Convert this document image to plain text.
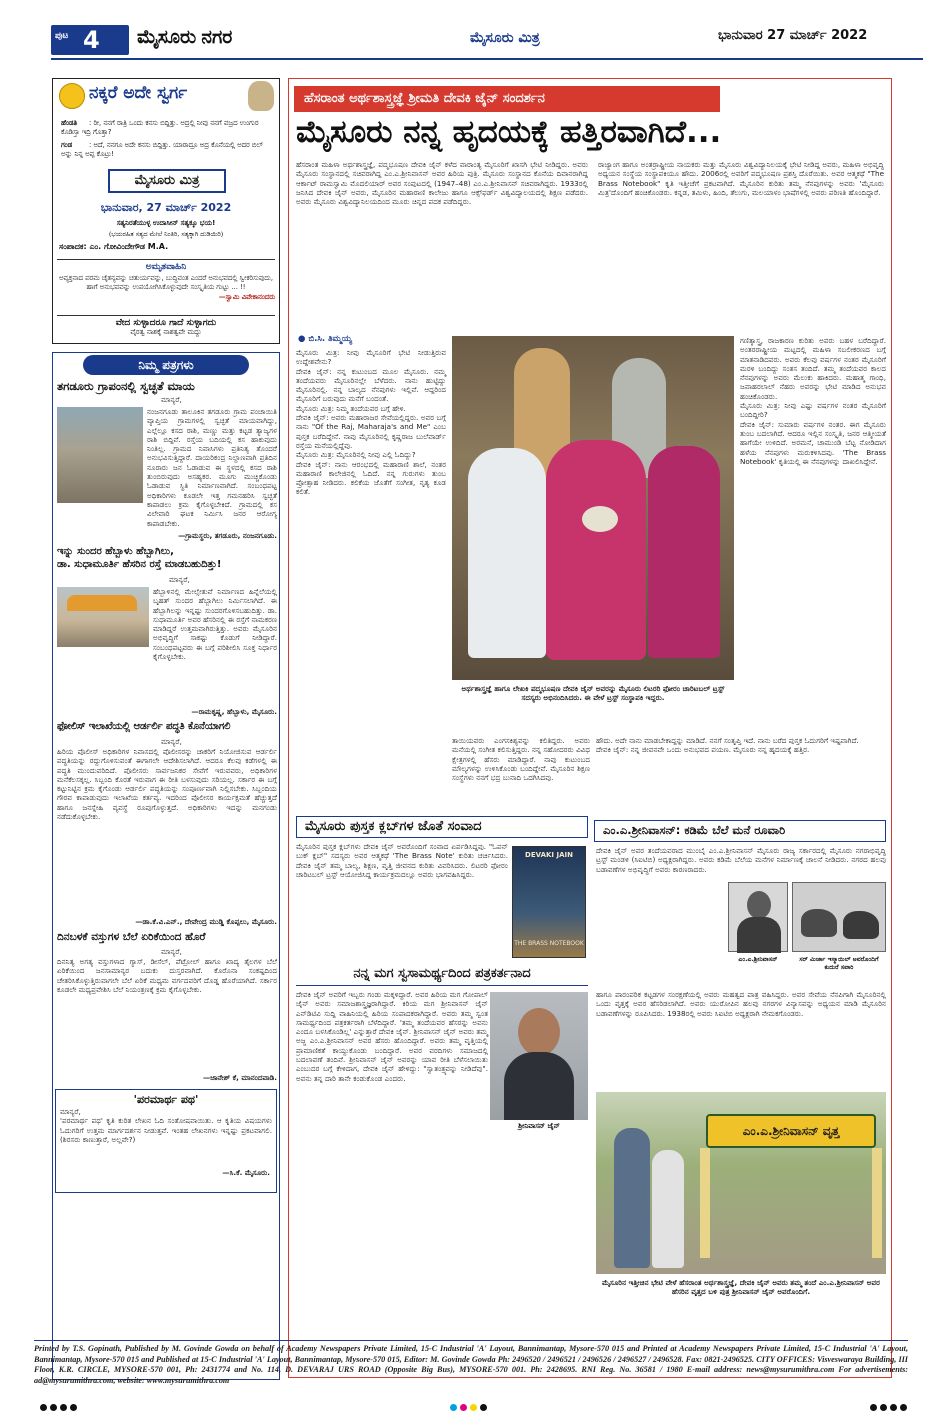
ಪುಟ 4 ಮೈಸೂರು ನಗರ	ಮೈಸೂರು ಮಿತ್ರ	ಭಾನುವಾರ 27 ಮಾರ್ಚ್ 2022
ನಕ್ಕರೆ ಅದೇ ಸ್ವರ್ಗ
ಹೆಂಡತಿ : ರೀ, ನನಗೆ ರಾತ್ರಿ ಒಂದು ಕನಸು ಬಿದ್ದಿತ್ತು. ಅದ್ರಲ್ಲಿ ನೀವು ನನಗೆ ವಜ್ರದ ಉಂಗುರ ಕೊಡಿಸ್ತಾ ಇದ್ರಿ ಗೊತ್ತಾ?
ಗಂಡ : ಅದೆ, ನನಗೂ ಅದೇ ಕನಸು ಬಿದ್ದಿತ್ತು. ಯಾರಾದ್ರೂ ಅದ್ರ ಕೊನೆಯಲ್ಲಿ ಅದರ ಬಿಲ್ ಅನ್ನು ನಿನ್ನ ಅಪ್ಪ ಕೊಟ್ರು!
ಮೈಸೂರು ಮಿತ್ರ
ಭಾನುವಾರ, 27 ಮಾರ್ಚ್ 2022
ಸತ್ಯನಿರತೆಯುಳ್ಳ ಉದಾಸೀನ್ ಸತ್ಯಕ್ಕೂ ಭಯ!
(ಭಯರಹಿತ ಸತ್ಯದ ಮೇಲೆ ನಿಂತಿರಿ, ಸತ್ಯಕ್ಕಾಗಿ ದುಡಿಯಿರಿ)
ಸಂಪಾದಕ: ಎಂ. ಗೋವಿಂದೇಗೌಡ M.A.
ಅಮೃತವಾಹಿನಿ
ಅವ್ಯಕ್ತನಾದ ಪರಮ ಚೈತನ್ಯವನ್ನು ಚತುರ್ಯವನ್ನು, ಬುದ್ಧಿವಂತ ಎಂದರೆ ಅನುಭವದಲ್ಲಿ ಸ್ವೀಕರಿಸುವುದು, ಹಾಗೆ ಅನುಭವವನ್ನು ಉಪಯೋಗಿಸಿಕೊಳ್ಳುವುದೇ ಸಂಸ್ಕೃತಿಯ ಗುಟ್ಟು ... !!
—ಸ್ವಾಮಿ ವಿವೇಕಾನಂದರು
ವೇದ ಸುಳ್ಳಾದರೂ ಗಾದೆ ಸುಳ್ಳಾಗದು
ವೈರತ್ವ ನಾಶಕ್ಕೆ ನಾಶತ್ವವೇ ಮದ್ದು
ನಿಮ್ಮ ಪತ್ರಗಳು
ತಗಡೂರು ಗ್ರಾಪಂನಲ್ಲಿ ಸ್ವಚ್ಛತೆ ಮಾಯ
ಮಾನ್ಯರೆ,
ನಂಜನಗೂಡು ತಾಲೂಕಿನ ತಗಡೂರು ಗ್ರಾಮ ಪಂಚಾಯಿತಿ ವ್ಯಾಪ್ತಿಯ ಗ್ರಾಮಗಳಲ್ಲಿ ಸ್ವಚ್ಛತೆ ಮಾಯವಾಗಿದ್ದು, ಎಲ್ಲೆಲ್ಲೂ ಕಸದ ರಾಶಿ, ಮಣ್ಣು ಮತ್ತು ಕಟ್ಟಡ ತ್ಯಾಜ್ಯಗಳ ರಾಶಿ ಬಿದ್ದಿವೆ. ರಸ್ತೆಯ ಬದಿಯಲ್ಲಿ ಕಸ ಹಾಕುವುದು ನಿಂತಿಲ್ಲ. ಗ್ರಾಮದ ನಿವಾಸಿಗಳು ಪ್ರತಿನಿತ್ಯ ತೊಂದರೆ ಅನುಭವಿಸುತ್ತಿದ್ದಾರೆ. ದಾಯರಿಕಂದ್ರ ನಿಲ್ದಾಣವಾಗಿ ಪ್ರತಿದಿನ ನೂರಾರು ಜನ ಓಡಾಡುವ ಈ ಸ್ಥಳದಲ್ಲಿ ಕಸದ ರಾಶಿ ತುಂಬಿರುವುದು ಅಸಹ್ಯಕರ. ಮೂಗು ಮುಚ್ಚಿಕೊಂಡು ಓಡಾಡುವ ಸ್ಥಿತಿ ನಿರ್ಮಾಣವಾಗಿದೆ. ಸಂಬಂಧಪಟ್ಟ ಅಧಿಕಾರಿಗಳು ಕೂಡಲೇ ಇತ್ತ ಗಮನಹರಿಸಿ ಸ್ವಚ್ಛತೆ ಕಾಪಾಡಲು ಕ್ರಮ ಕೈಗೊಳ್ಳಬೇಕಿದೆ. ಗ್ರಾಮದಲ್ಲಿ ಕಸ ವಿಲೇವಾರಿ ಘಟಕ ನಿರ್ಮಿಸಿ ಜನರ ಆರೋಗ್ಯ ಕಾಪಾಡಬೇಕು.
—ಗ್ರಾಮಸ್ಥರು, ತಗಡೂರು, ನಂಜನಗೂಡು.
ಇನ್ನು ಸುಂದರ ಹೆಬ್ಬಾಳು ಹೆಬ್ಬಾಗಿಲು,
ಡಾ. ಸುಧಾಮೂರ್ತಿ ಹೆಸರಿನ ರಸ್ತೆ ಮಾಡಬಹುದಿತ್ತು!
ಮಾನ್ಯರೆ,
ಹೆಬ್ಬಾಳಿನಲ್ಲಿ ಮೇಲ್ಸೇತುವೆ ನಿರ್ಮಾಣದ ಹಿನ್ನೆಲೆಯಲ್ಲಿ ಬೃಹತ್ ಸುಂದರ ಹೆಬ್ಬಾಗಿಲು ನಿರ್ಮಿಸಲಾಗಿದೆ. ಈ ಹೆಬ್ಬಾಗಿಲನ್ನು ಇನ್ನಷ್ಟು ಸುಂದರಗೊಳಿಸಬಹುದಿತ್ತು. ಡಾ. ಸುಧಾಮೂರ್ತಿ ಅವರ ಹೆಸರಿನಲ್ಲಿ ಈ ರಸ್ತೆಗೆ ನಾಮಕರಣ ಮಾಡಿದ್ದರೆ ಉತ್ತಮವಾಗಿರುತ್ತಿತ್ತು. ಅವರು ಮೈಸೂರಿನ ಅಭಿವೃದ್ಧಿಗೆ ಸಾಕಷ್ಟು ಕೊಡುಗೆ ನೀಡಿದ್ದಾರೆ. ಸಂಬಂಧಪಟ್ಟವರು ಈ ಬಗ್ಗೆ ಪರಿಶೀಲಿಸಿ ಸೂಕ್ತ ನಿರ್ಧಾರ ಕೈಗೊಳ್ಳಬೇಕು.
—ರಾಮಕೃಷ್ಣ, ಹೆಬ್ಬಾಳು, ಮೈಸೂರು.
ಫೋಲಿಸ್ ಇಲಾಖೆಯಲ್ಲಿ ಆರ್ಡರ್ಲಿ ಪದ್ಧತಿ ಕೊನೆಯಾಗಲಿ
ಮಾನ್ಯರೆ,
ಹಿರಿಯ ಪೊಲೀಸ್ ಅಧಿಕಾರಿಗಳ ನಿವಾಸದಲ್ಲಿ ಪೊಲೀಸರನ್ನು ಚಾಕರಿಗೆ ನಿಯೋಜಿಸುವ ಆರ್ಡರ್ಲಿ ಪದ್ಧತಿಯನ್ನು ರದ್ದುಗೊಳಿಸುವಂತೆ ಈಗಾಗಲೇ ಆದೇಶಿಸಲಾಗಿದೆ. ಆದರೂ ಕೆಲವು ಕಡೆಗಳಲ್ಲಿ ಈ ಪದ್ಧತಿ ಮುಂದುವರಿದಿದೆ. ಪೊಲೀಸರು ಸಾರ್ವಜನಿಕರ ಸೇವೆಗೆ ಇರುವವರು, ಅಧಿಕಾರಿಗಳ ಮನೆಕೆಲಸಕ್ಕಲ್ಲ. ಸಿಬ್ಬಂದಿ ಕೊರತೆ ಇರುವಾಗ ಈ ರೀತಿ ಬಳಸುವುದು ಸರಿಯಲ್ಲ. ಸರ್ಕಾರ ಈ ಬಗ್ಗೆ ಕಟ್ಟುನಿಟ್ಟಿನ ಕ್ರಮ ಕೈಗೊಂಡು ಆರ್ಡರ್ಲಿ ಪದ್ಧತಿಯನ್ನು ಸಂಪೂರ್ಣವಾಗಿ ನಿಲ್ಲಿಸಬೇಕು. ಸಿಬ್ಬಂದಿಯ ಗೌರವ ಕಾಪಾಡುವುದು ಇಲಾಖೆಯ ಕರ್ತವ್ಯ. ಇದರಿಂದ ಪೊಲೀಸರ ಕಾರ್ಯಕ್ಷಮತೆ ಹೆಚ್ಚುತ್ತದೆ ಹಾಗೂ ಜನಸ್ನೇಹಿ ವ್ಯವಸ್ಥೆ ರೂಪುಗೊಳ್ಳುತ್ತದೆ. ಅಧಿಕಾರಿಗಳು ಇದನ್ನು ಮನಗಂಡು ನಡೆದುಕೊಳ್ಳಬೇಕು.
—ಡಾ.ಕೆ.ವಿ.ಎನ್., ದೇವೇಂದ್ರ ಮುಡ್ಡಿ ಕೊಪ್ಪಲು, ಮೈಸೂರು.
ದಿನಬಳಕೆ ವಸ್ತುಗಳ ಬೆಲೆ ಏರಿಕೆಯಿಂದ ಹೊರೆ
ಮಾನ್ಯರೆ,
ದಿನನಿತ್ಯ ಅಗತ್ಯ ವಸ್ತುಗಳಾದ ಗ್ಯಾಸ್, ಡೀಸೆಲ್, ಪೆಟ್ರೋಲ್ ಹಾಗೂ ಖಾದ್ಯ ತೈಲಗಳ ಬೆಲೆ ಏರಿಕೆಯಿಂದ ಜನಸಾಮಾನ್ಯರ ಬದುಕು ದುಸ್ತರವಾಗಿದೆ. ಕೊರೊನಾ ಸಂಕಷ್ಟದಿಂದ ಚೇತರಿಸಿಕೊಳ್ಳುತ್ತಿರುವಾಗಲೇ ಬೆಲೆ ಏರಿಕೆ ಮಧ್ಯಮ ವರ್ಗದವರಿಗೆ ದೊಡ್ಡ ಹೊರೆಯಾಗಿದೆ. ಸರ್ಕಾರ ಕೂಡಲೇ ಮಧ್ಯಪ್ರವೇಶಿಸಿ ಬೆಲೆ ನಿಯಂತ್ರಣಕ್ಕೆ ಕ್ರಮ ಕೈಗೊಳ್ಳಬೇಕು.
—ಜಾನೇಶ್ ಕೆ, ಮಾನಂದವಾಡಿ.
'ಪರಮಾರ್ಥ ಪಥ'
ಮಾನ್ಯರೆ,
'ಪರಮಾರ್ಥ ಪಥ' ಕೃತಿ ಕುರಿತ ಲೇಖನ ಓದಿ ಸಂತೋಷವಾಯಿತು. ಆ ಕೃತಿಯ ವಿಷಯಗಳು ಓದುಗರಿಗೆ ಉತ್ತಮ ಮಾರ್ಗದರ್ಶನ ನೀಡುತ್ತವೆ. ಇಂತಹ ಲೇಖನಗಳು ಇನ್ನಷ್ಟು ಪ್ರಕಟವಾಗಲಿ. (ಶಿರಸರು ಕಾಣುತ್ತಾರೆ, ಅಲ್ಲವೇ?)
—ಸಿ.ಕೆ. ಮೈಸೂರು.
ಹೆಸರಾಂತ ಅರ್ಥಶಾಸ್ತ್ರಜ್ಞೆ ಶ್ರೀಮತಿ ದೇವಕಿ ಜೈನ್ ಸಂದರ್ಶನ
ಮೈಸೂರು ನನ್ನ ಹೃದಯಕ್ಕೆ ಹತ್ತಿರವಾಗಿದೆ...
ಹೆಸರಾಂತ ಮಹಿಳಾ ಅರ್ಥಶಾಸ್ತ್ರಜ್ಞೆ, ಪದ್ಮಭೂಷಣ ದೇವಕಿ ಜೈನ್ ಕಳೆದ ವಾರಾಂತ್ಯ ಮೈಸೂರಿಗೆ ಖಾಸಗಿ ಭೇಟಿ ನೀಡಿದ್ದರು. ಅವರು ಮೈಸೂರು ಸಂಸ್ಥಾನದಲ್ಲಿ ಸಚಿವರಾಗಿದ್ದ ಎಂ.ಎ.ಶ್ರೀನಿವಾಸನ್ ಅವರ ಹಿರಿಯ ಪುತ್ರಿ. ಮೈಸೂರು ಸಂಸ್ಥಾನದ ಕೊನೆಯ ದಿವಾನರಾಗಿದ್ದ ಆರ್ಕಾಟ್ ರಾಮಸ್ವಾಮಿ ಮೊದಲಿಯಾರ್ ಅವರ ಸಂಪುಟದಲ್ಲಿ (1947–48) ಎಂ.ಎ.ಶ್ರೀನಿವಾಸನ್ ಸಚಿವರಾಗಿದ್ದರು. 1933ರಲ್ಲಿ ಜನಿಸಿದ ದೇವಕಿ ಜೈನ್ ಅವರು, ಮೈಸೂರಿನ ಮಹಾರಾಣಿ ಕಾಲೇಜು ಹಾಗೂ ಆಕ್ಸ್‌ಫರ್ಡ್ ವಿಶ್ವವಿದ್ಯಾಲಯದಲ್ಲಿ ಶಿಕ್ಷಣ ಪಡೆದರು. ಅವರು ಮೈಸೂರು ವಿಶ್ವವಿದ್ಯಾನಿಲಯದಿಂದ ಮೂರು ಚಿನ್ನದ ಪದಕ ಪಡೆದಿದ್ದರು.
ರಾಜ್ಯಾಂಗ ಹಾಗೂ ಅಂತರ್ರಾಷ್ಟ್ರೀಯ ನಾಯಕರು ಮತ್ತು ಮೈಸೂರು ವಿಶ್ವವಿದ್ಯಾನಿಲಯಕ್ಕೆ ಭೇಟಿ ನೀಡಿದ್ದ ಅವರು, ಮಹಿಳಾ ಅಭಿವೃದ್ಧಿ ಅಧ್ಯಯನ ಸಂಸ್ಥೆಯ ಸಂಸ್ಥಾಪಕಿಯೂ ಹೌದು. 2006ರಲ್ಲಿ ಅವರಿಗೆ ಪದ್ಮಭೂಷಣ ಪ್ರಶಸ್ತಿ ದೊರೆಯಿತು. ಅವರ ಆತ್ಮಕಥೆ "The Brass Notebook" ಕೃತಿ ಇತ್ತೀಚೆಗೆ ಪ್ರಕಟವಾಗಿದೆ. ಮೈಸೂರಿನ ಕುರಿತು ತಮ್ಮ ನೆನಪುಗಳನ್ನು ಅವರು 'ಮೈಸೂರು ಮಿತ್ರ'ದೊಂದಿಗೆ ಹಂಚಿಕೊಂಡರು. ಕನ್ನಡ, ತಮಿಳು, ಹಿಂದಿ, ತೆಲುಗು, ಮಲಯಾಳಂ ಭಾಷೆಗಳಲ್ಲಿ ಅವರು ಪರಿಣತಿ ಹೊಂದಿದ್ದಾರೆ.
● ಬಿ.ಸಿ. ತಿಮ್ಮಯ್ಯ
ಮೈಸೂರು ಮಿತ್ರ: ನೀವು ಮೈಸೂರಿಗೆ ಭೇಟಿ ನೀಡುತ್ತಿರುವ ಉದ್ದೇಶವೇನು?
ದೇವಕಿ ಜೈನ್: ನನ್ನ ಕುಟುಂಬದ ಮೂಲ ಮೈಸೂರು. ನಮ್ಮ ತಂದೆಯವರು ಮೈಸೂರಿನಲ್ಲೇ ಬೆಳೆದರು. ನಾನು ಹುಟ್ಟಿದ್ದು ಮೈಸೂರಿನಲ್ಲಿ. ನನ್ನ ಬಾಲ್ಯದ ನೆನಪುಗಳು ಇಲ್ಲಿವೆ. ಆದ್ದರಿಂದ ಮೈಸೂರಿಗೆ ಬರುವುದು ಮನೆಗೆ ಬಂದಂತೆ.
ಮೈಸೂರು ಮಿತ್ರ: ನಿಮ್ಮ ತಂದೆಯವರ ಬಗ್ಗೆ ಹೇಳಿ.
ದೇವಕಿ ಜೈನ್: ಅವರು ಮಹಾರಾಜರ ಸೇವೆಯಲ್ಲಿದ್ದರು. ಅವರ ಬಗ್ಗೆ ನಾನು "Of the Raj, Maharaja's and Me" ಎಂಬ ಪುಸ್ತಕ ಬರೆದಿದ್ದೇನೆ. ನಾವು ಮೈಸೂರಿನಲ್ಲಿ ಕೃಷ್ಣರಾಜ ಬುಲೆವಾರ್ಡ್ ರಸ್ತೆಯ ಮನೆಯಲ್ಲಿದ್ದೆವು.
ಮೈಸೂರು ಮಿತ್ರ: ಮೈಸೂರಿನಲ್ಲಿ ನೀವು ಎಲ್ಲಿ ಓದಿದ್ದು?
ದೇವಕಿ ಜೈನ್: ನಾನು ಆರಂಭದಲ್ಲಿ ಮಹಾರಾಣಿ ಶಾಲೆ, ನಂತರ ಮಹಾರಾಣಿ ಕಾಲೇಜಿನಲ್ಲಿ ಓದಿದೆ. ನನ್ನ ಗುರುಗಳು ತುಂಬ ಪ್ರೋತ್ಸಾಹ ನೀಡಿದರು. ಕಲಿಕೆಯ ಜೊತೆಗೆ ಸಂಗೀತ, ನೃತ್ಯ ಕೂಡ ಕಲಿತೆ.
ಅರ್ಥಶಾಸ್ತ್ರಜ್ಞೆ ಹಾಗೂ ಲೇಖಕಿ ಪದ್ಮಭೂಷಣ ದೇವಕಿ ಜೈನ್ ಅವರನ್ನು ಮೈಸೂರು ಲಿಟರರಿ ಫೋರಂ ಚಾರಿಟಬಲ್ ಟ್ರಸ್ಟ್ ಸದಸ್ಯರು ಅಭಿನಂದಿಸಿದರು. ಈ ವೇಳೆ ಟ್ರಸ್ಟ್ ಸಂಸ್ಥಾಪಕಿ ಇದ್ದರು.
ಗಣಿತ್ಶಾಸ್ತ್ರ, ರಾಜಕಾರಣ ಕುರಿತು ಅವರು ಬಹಳ ಬರೆದಿದ್ದಾರೆ. ಅಂತರರಾಷ್ಟ್ರೀಯ ಮಟ್ಟದಲ್ಲಿ ಮಹಿಳಾ ಸಬಲೀಕರಣದ ಬಗ್ಗೆ ಮಾತನಾಡಿದವರು. ಅವರು ಕೆಲವು ವರ್ಷಗಳ ನಂತರ ಮೈಸೂರಿಗೆ ಮರಳಿ ಬಂದಿದ್ದು ಸಂತಸ ತಂದಿದೆ. ತಮ್ಮ ತಂದೆಯವರ ಕಾಲದ ನೆನಪುಗಳನ್ನು ಅವರು ಮೆಲುಕು ಹಾಕಿದರು. ಮಹಾತ್ಮ ಗಾಂಧಿ, ಜವಾಹರಲಾಲ್ ನೆಹರು ಅವರನ್ನು ಭೇಟಿ ಮಾಡಿದ ಅನುಭವ ಹಂಚಿಕೊಂಡರು.
ಮೈಸೂರು ಮಿತ್ರ: ನೀವು ಎಷ್ಟು ವರ್ಷಗಳ ನಂತರ ಮೈಸೂರಿಗೆ ಬಂದಿದ್ದೀರಿ?
ದೇವಕಿ ಜೈನ್: ಸುಮಾರು ವರ್ಷಗಳ ನಂತರ. ಈಗ ಮೈಸೂರು ತುಂಬ ಬದಲಾಗಿದೆ. ಆದರೂ ಇಲ್ಲಿನ ಸಂಸ್ಕೃತಿ, ಜನರ ಆತ್ಮೀಯತೆ ಹಾಗೆಯೇ ಉಳಿದಿದೆ. ಅರಮನೆ, ಚಾಮುಂಡಿ ಬೆಟ್ಟ ನೋಡಿದಾಗ ಹಳೆಯ ನೆನಪುಗಳು ಮರುಕಳಿಸಿದವು. 'The Brass Notebook' ಕೃತಿಯಲ್ಲಿ ಈ ನೆನಪುಗಳನ್ನು ದಾಖಲಿಸಿದ್ದೇನೆ.
ತಾಯಿಯವರು ಎಂಗಸಕಿಶ್ಯವನ್ನು ಕಲಿತಿದ್ದರು. ಅವರು ಮನೆಯಲ್ಲಿ ಸಂಗೀತ ಕಲಿಸುತ್ತಿದ್ದರು. ನನ್ನ ಸಹೋದರರು ವಿವಿಧ ಕ್ಷೇತ್ರಗಳಲ್ಲಿ ಹೆಸರು ಮಾಡಿದ್ದಾರೆ. ನಾವು ಕುಟುಂಬದ ಮೌಲ್ಯಗಳನ್ನು ಉಳಿಸಿಕೊಂಡು ಬಂದಿದ್ದೇವೆ. ಮೈಸೂರಿನ ಶಿಕ್ಷಣ ಸಂಸ್ಥೆಗಳು ನನಗೆ ಭದ್ರ ಬುನಾದಿ ಒದಗಿಸಿದವು.
ಹೌದು. ಅದೇ ನಾನು ಮಾಡಬೇಕಾದ್ದನ್ನು ಮಾಡಿದೆ. ನನಗೆ ಸಂತೃಪ್ತಿ ಇದೆ. ನಾನು ಬರೆದ ಪುಸ್ತಕ ಓದುಗರಿಗೆ ಇಷ್ಟವಾಗಿದೆ.
ದೇವಕಿ ಜೈನ್: ನನ್ನ ಜೀವನವೇ ಒಂದು ಅನುಭವದ ಪಯಣ. ಮೈಸೂರು ನನ್ನ ಹೃದಯಕ್ಕೆ ಹತ್ತಿರ.
ಮೈಸೂರು ಪುಸ್ತಕ ಕ್ಲಬ್‌ಗಳ ಜೊತೆ ಸಂವಾದ
ಮೈಸೂರಿನ ಪುಸ್ತಕ ಕ್ಲಬ್‌ಗಳು ದೇವಕಿ ಜೈನ್ ಅವರೊಂದಿಗೆ ಸಂವಾದ ಏರ್ಪಡಿಸಿದ್ದವು. "ಓಪನ್ ಬುಕ್ ಕ್ಲಬ್" ಸದಸ್ಯರು ಅವರ ಆತ್ಮಕಥೆ 'The Brass Note' ಕುರಿತು ಚರ್ಚಿಸಿದರು. ದೇವಕಿ ಜೈನ್ ತಮ್ಮ ಬಾಲ್ಯ, ಶಿಕ್ಷಣ, ವೃತ್ತಿ ಜೀವನದ ಕುರಿತು ವಿವರಿಸಿದರು. ಲಿಟರರಿ ಫೋರಂ ಚಾರಿಟಬಲ್ ಟ್ರಸ್ಟ್ ಆಯೋಜಿಸಿದ್ದ ಕಾರ್ಯಕ್ರಮದಲ್ಲೂ ಅವರು ಭಾಗವಹಿಸಿದ್ದರು.
DEVAKI JAIN
THE BRASS NOTEBOOK
ನನ್ನ ಮಗ ಸ್ವಸಾಮರ್ಥ್ಯದಿಂದ ಪತ್ರಕರ್ತನಾದ
ದೇವಕಿ ಜೈನ್ ಅವರಿಗೆ ಇಬ್ಬರು ಗಂಡು ಮಕ್ಕಳಿದ್ದಾರೆ. ಅವರ ಹಿರಿಯ ಮಗ ಗೋಪಾಲ್ ಜೈನ್ ಅವರು ಸಮಾಜಶಾಸ್ತ್ರಜ್ಞರಾಗಿದ್ದಾರೆ. ಕಿರಿಯ ಮಗ ಶ್ರೀನಿವಾಸನ್ ಜೈನ್ ಎನ್‌ಡಿಟಿವಿ ಸುದ್ದಿ ವಾಹಿನಿಯಲ್ಲಿ ಹಿರಿಯ ಸಂಪಾದಕರಾಗಿದ್ದಾರೆ. ಅವರು ತಮ್ಮ ಸ್ವಂತ ಸಾಮರ್ಥ್ಯದಿಂದ ಪತ್ರಕರ್ತರಾಗಿ ಬೆಳೆದಿದ್ದಾರೆ. 'ತಮ್ಮ ತಂದೆಯವರ ಹೆಸರನ್ನು ಅವನು ಎಂದೂ ಬಳಸಿಕೊಂಡಿಲ್ಲ' ಎನ್ನುತ್ತಾರೆ ದೇವಕಿ ಜೈನ್. ಶ್ರೀನಿವಾಸನ್ ಜೈನ್ ಅವರು ತಮ್ಮ ಅಜ್ಜ ಎಂ.ಎ.ಶ್ರೀನಿವಾಸನ್ ಅವರ ಹೆಸರು ಹೊಂದಿದ್ದಾರೆ. ಅವರು ತಮ್ಮ ವೃತ್ತಿಯಲ್ಲಿ ಪ್ರಾಮಾಣಿಕತೆ ಕಾಯ್ದುಕೊಂಡು ಬಂದಿದ್ದಾರೆ. ಅವರ ವರದಿಗಳು ಸಮಾಜದಲ್ಲಿ ಬದಲಾವಣೆ ತಂದಿವೆ. ಶ್ರೀನಿವಾಸನ್ ಜೈನ್ ಅವರನ್ನು ಯಾವ ರೀತಿ ಬೆಳೆಸಲಾಯಿತು ಎಂಬುದರ ಬಗ್ಗೆ ಕೇಳಿದಾಗ, ದೇವಕಿ ಜೈನ್ ಹೇಳಿದ್ದು: "ಸ್ವಾತಂತ್ರ್ಯವನ್ನು ನೀಡಿದೆವು". ಅವನು ತನ್ನ ದಾರಿ ತಾನೇ ಕಂಡುಕೊಂಡ ಎಂದರು.
ಶ್ರೀನಿವಾಸನ್ ಜೈನ್
ಎಂ.ಎ.ಶ್ರೀನಿವಾಸನ್: ಕಡಿಮೆ ಬೆಲೆ ಮನೆ ರೂವಾರಿ
ದೇವಕಿ ಜೈನ್ ಅವರ ತಂದೆಯವರಾದ ಮುಂಬೈ ಎಂ.ಎ.ಶ್ರೀನಿವಾಸನ್ ಮೈಸೂರು ರಾಜ್ಯ ಸರ್ಕಾರದಲ್ಲಿ ಮೈಸೂರು ನಗರಾಭಿವೃದ್ಧಿ ಟ್ರಸ್ಟ್ ಮಂಡಳಿ (ಸಿಐಟಿಬಿ) ಅಧ್ಯಕ್ಷರಾಗಿದ್ದರು. ಅವರು ಕಡಿಮೆ ಬೆಲೆಯ ಮನೆಗಳ ನಿರ್ಮಾಣಕ್ಕೆ ಚಾಲನೆ ನೀಡಿದರು. ನಗರದ ಹಲವು ಬಡಾವಣೆಗಳ ಅಭಿವೃದ್ಧಿಗೆ ಅವರು ಕಾರಣರಾದರು.
ಎಂ.ಎ.ಶ್ರೀನಿವಾಸನ್	ಸರ್ ಮಿರ್ಜಾ ಇಸ್ಮಾಯಿಲ್ ಅವರೊಂದಿಗೆ ಕುದುರೆ ಸವಾರಿ
ಹಾಗೂ ಪಾರಂಪರಿಕ ಕಟ್ಟಡಗಳ ಸಂರಕ್ಷಣೆಯಲ್ಲಿ ಅವರು ಮಹತ್ವದ ಪಾತ್ರ ವಹಿಸಿದ್ದರು. ಅವರ ಸೇವೆಯ ನೆನಪಿಗಾಗಿ ಮೈಸೂರಿನಲ್ಲಿ ಒಂದು ವೃತ್ತಕ್ಕೆ ಅವರ ಹೆಸರಿಡಲಾಗಿದೆ. ಅವರು ಯುರೋಪಿನ ಹಲವು ನಗರಗಳ ವಿನ್ಯಾಸವನ್ನು ಅಧ್ಯಯನ ಮಾಡಿ ಮೈಸೂರಿನ ಬಡಾವಣೆಗಳನ್ನು ರೂಪಿಸಿದರು. 1938ರಲ್ಲಿ ಅವರು ಸಿಐಟಿಬಿ ಅಧ್ಯಕ್ಷರಾಗಿ ನೇಮಕಗೊಂಡರು.
ಎಂ.ಎ.ಶ್ರೀನಿವಾಸನ್ ವೃತ್ತ
ಮೈಸೂರಿನ ಇತ್ತೀಚಿನ ಭೇಟಿ ವೇಳೆ ಹೆಸರಾಂತ ಅರ್ಥಶಾಸ್ತ್ರಜ್ಞೆ, ದೇವಕಿ ಜೈನ್ ಅವರು ತಮ್ಮ ತಂದೆ ಎಂ.ಎ.ಶ್ರೀನಿವಾಸನ್ ಅವರ ಹೆಸರಿನ ವೃತ್ತದ ಬಳಿ ಪುತ್ರ ಶ್ರೀನಿವಾಸನ್ ಜೈನ್ ಅವರೊಂದಿಗೆ.
Printed by T.S. Gopinath, Published by M. Govinde Gowda on behalf of Academy Newspapers Private Limited, 15-C Industrial 'A' Layout, Bannimantap, Mysore-570 015 and Printed at Academy Newspapers Private Limited, 15-C Industrial 'A' Layout, Bannimantap, Mysore-570 015 and Published at 15-C Industrial 'A' Layout, Bannimantap, Mysore-570 015, Editor: M. Govinde Gowda Ph: 2496520 / 2496521 / 2496526 / 2496527 / 2496528. Fax: 0821-2496525. CITY OFFICES: Visveswaraya Building, III Floor, K.R. CIRCLE, MYSORE-570 001, Ph: 2431774 and No. 114, D. DEVARAJ URS ROAD (Opposite Big Bus), MYSORE-570 001. Ph: 2428695. RNI Reg. No. 36581 / 1980 E-mail address: news@mysurumithra.com For advertisements: ad@mysurumithra.com, website: www.mysurumithra.com
